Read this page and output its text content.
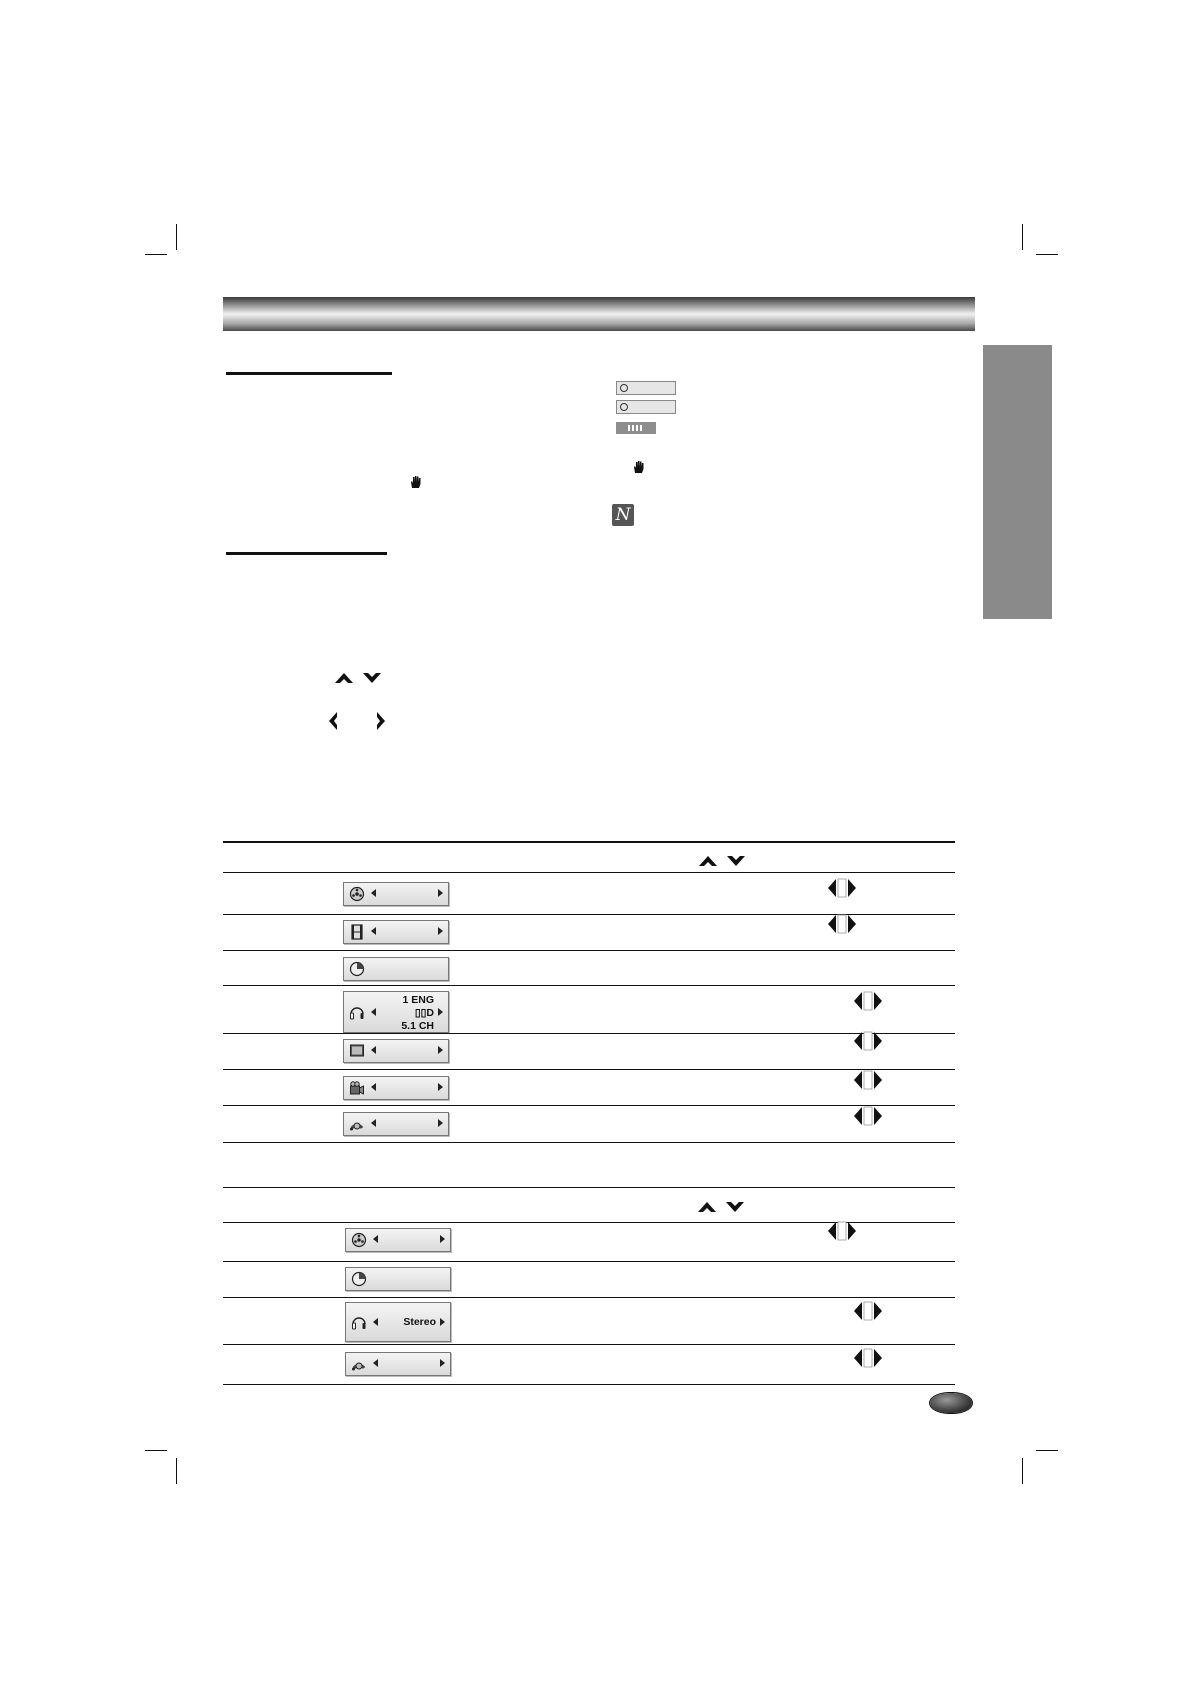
N
1 ENG
▯▯D
5.1 CH
Stereo
